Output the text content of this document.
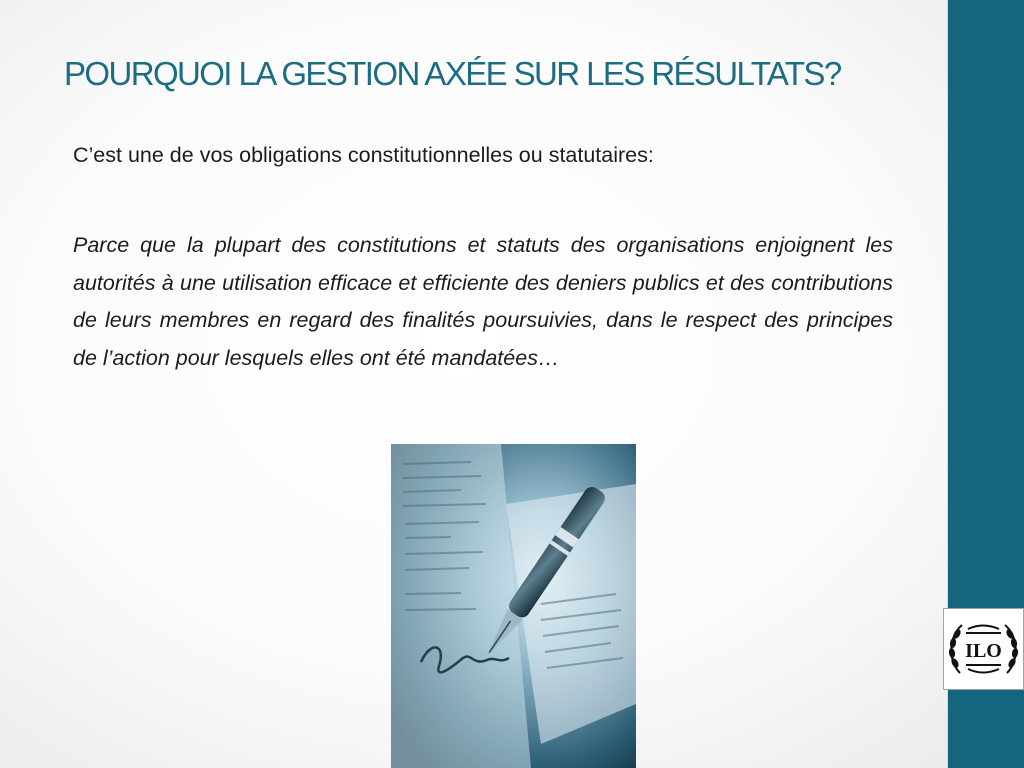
POURQUOI LA GESTION AXÉE SUR LES RÉSULTATS?

C’est une de vos obligations constitutionnelles ou statutaires:

Parce que la plupart des constitutions et statuts des organisations enjoignent les autorités à une utilisation efficace et efficiente des deniers publics et des contributions de leurs membres en regard des finalités poursuivies, dans le respect des principes de l’action pour lesquels elles ont été mandatées…

ILO
